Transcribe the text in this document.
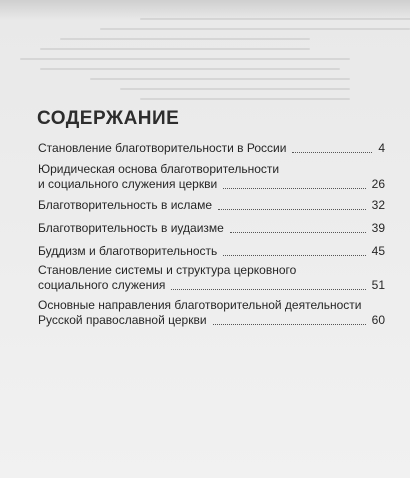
СОДЕРЖАНИЕ
Становление благотворительности в России	4
Юридическая основа благотворительности
и социального служения церкви	26
Благотворительность в исламе	32
Благотворительность в иудаизме	39
Буддизм и благотворительность	45
Становление системы и структура церковного
социального служения	51
Основные направления благотворительной деятельности
Русской православной церкви	60
